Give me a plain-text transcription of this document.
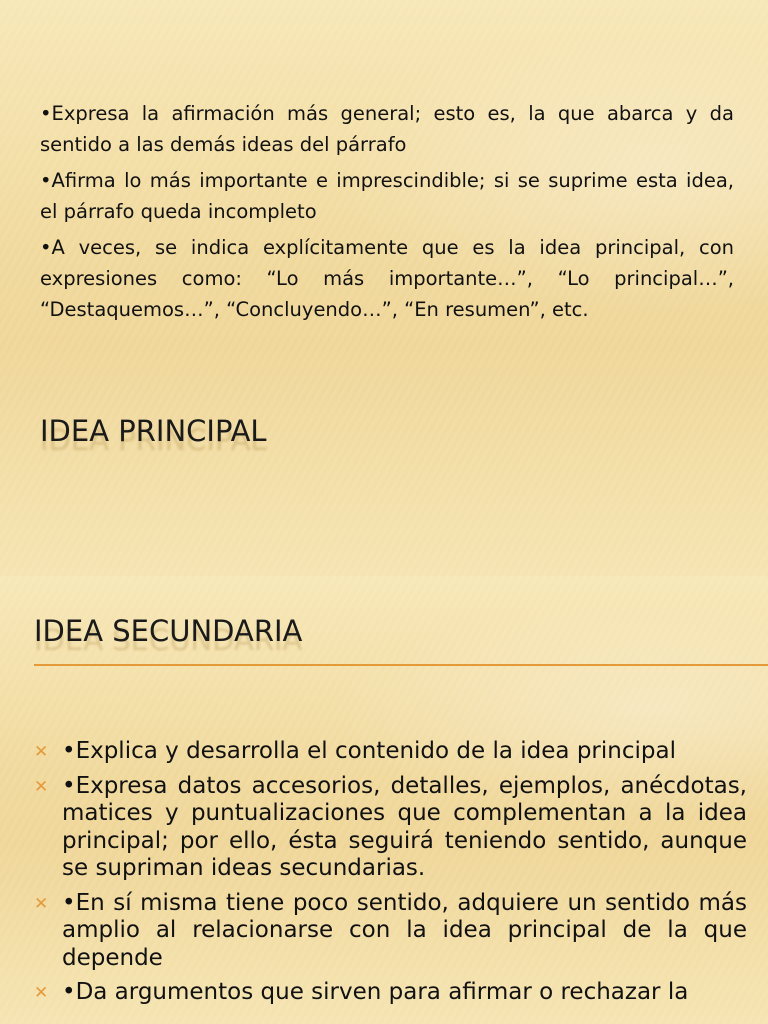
•Expresa la afirmación más general; esto es, la que abarca y da sentido a las demás ideas del párrafo

•Afirma lo más importante e imprescindible; si se suprime esta idea, el párrafo queda incompleto

•A veces, se indica explícitamente que es la idea principal, con expresiones como: “Lo más importante…”, “Lo principal…”, “Destaquemos…”, “Concluyendo…”, “En resumen”, etc.

IDEA PRINCIPAL
IDEA SECUNDARIA
✕ •Explica y desarrolla el contenido de la idea principal
✕ •Expresa datos accesorios, detalles, ejemplos, anécdotas, matices y puntualizaciones que complementan a la idea principal; por ello, ésta seguirá teniendo sentido, aunque se supriman ideas secundarias.
✕ •En sí misma tiene poco sentido, adquiere un sentido más amplio al relacionarse con la idea principal de la que depende
✕ •Da argumentos que sirven para afirmar o rechazar la
